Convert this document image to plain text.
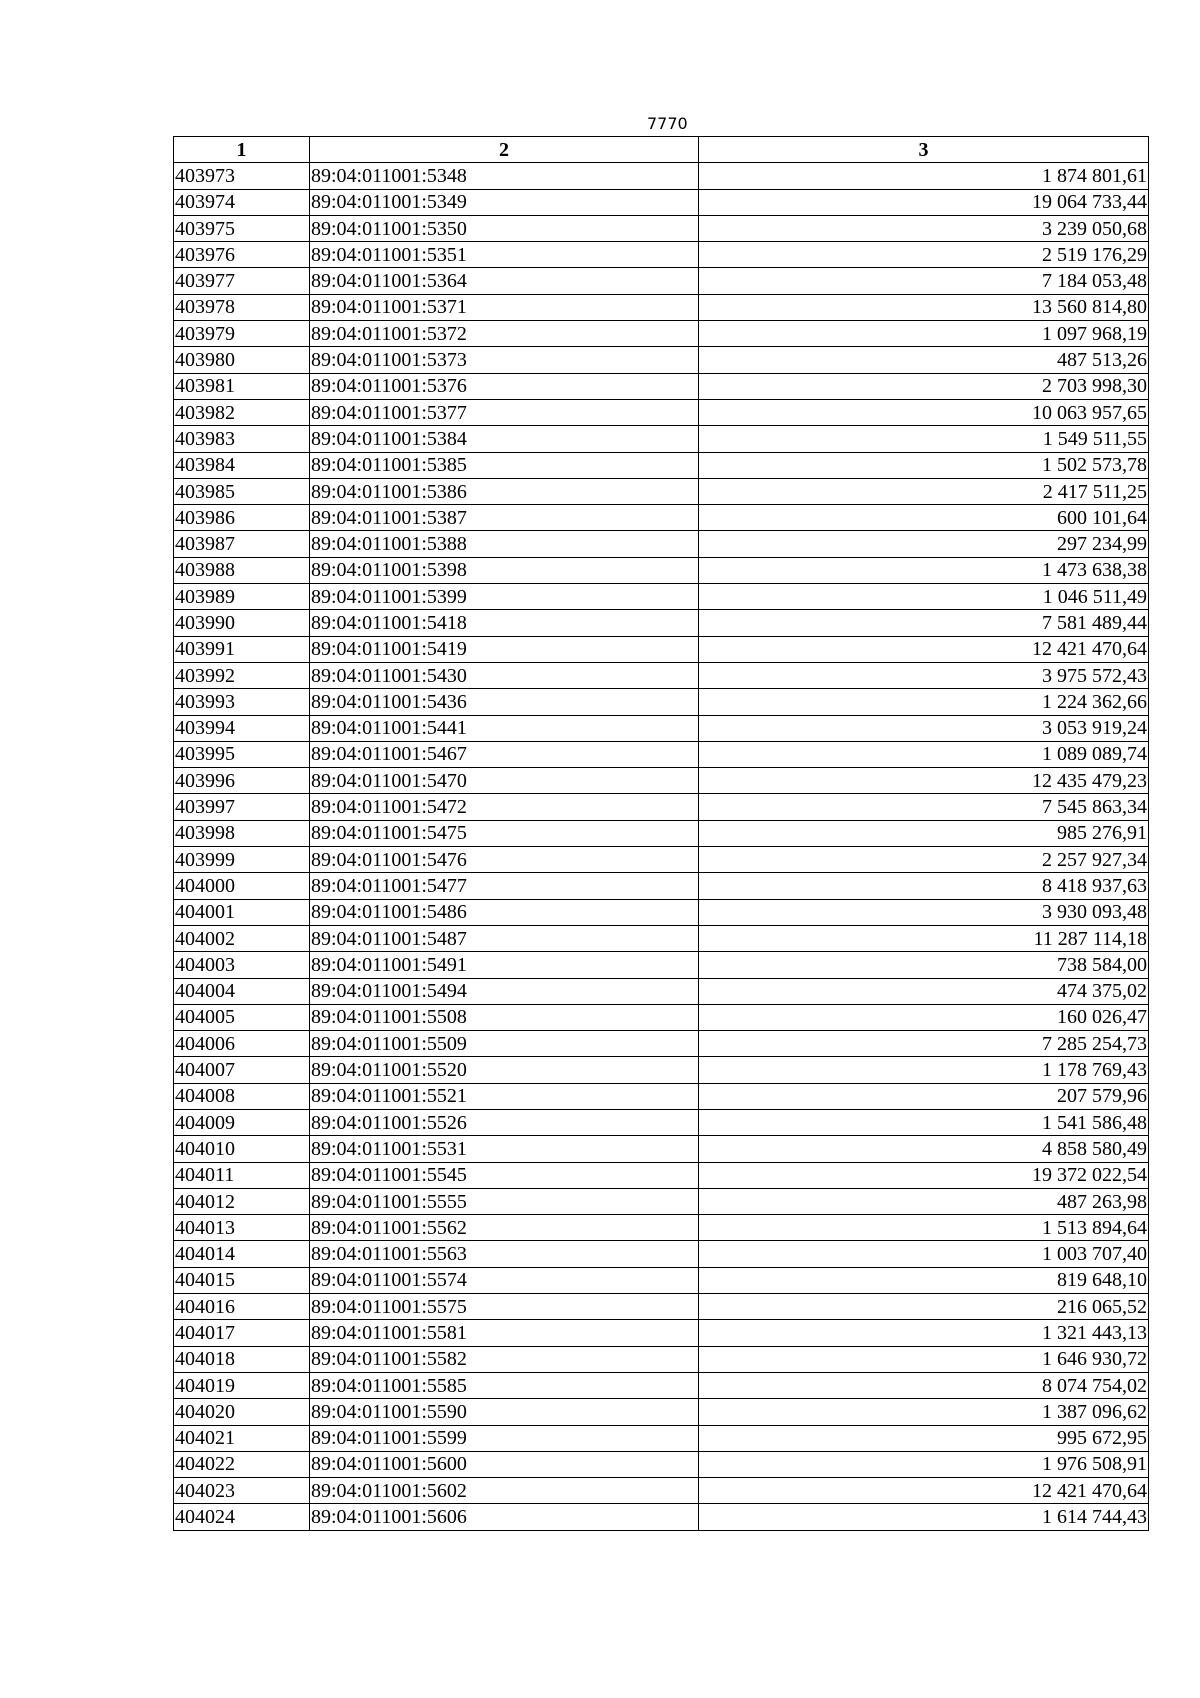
7770
1	2	3
403973	89:04:011001:5348	1 874 801,61
403974	89:04:011001:5349	19 064 733,44
403975	89:04:011001:5350	3 239 050,68
403976	89:04:011001:5351	2 519 176,29
403977	89:04:011001:5364	7 184 053,48
403978	89:04:011001:5371	13 560 814,80
403979	89:04:011001:5372	1 097 968,19
403980	89:04:011001:5373	487 513,26
403981	89:04:011001:5376	2 703 998,30
403982	89:04:011001:5377	10 063 957,65
403983	89:04:011001:5384	1 549 511,55
403984	89:04:011001:5385	1 502 573,78
403985	89:04:011001:5386	2 417 511,25
403986	89:04:011001:5387	600 101,64
403987	89:04:011001:5388	297 234,99
403988	89:04:011001:5398	1 473 638,38
403989	89:04:011001:5399	1 046 511,49
403990	89:04:011001:5418	7 581 489,44
403991	89:04:011001:5419	12 421 470,64
403992	89:04:011001:5430	3 975 572,43
403993	89:04:011001:5436	1 224 362,66
403994	89:04:011001:5441	3 053 919,24
403995	89:04:011001:5467	1 089 089,74
403996	89:04:011001:5470	12 435 479,23
403997	89:04:011001:5472	7 545 863,34
403998	89:04:011001:5475	985 276,91
403999	89:04:011001:5476	2 257 927,34
404000	89:04:011001:5477	8 418 937,63
404001	89:04:011001:5486	3 930 093,48
404002	89:04:011001:5487	11 287 114,18
404003	89:04:011001:5491	738 584,00
404004	89:04:011001:5494	474 375,02
404005	89:04:011001:5508	160 026,47
404006	89:04:011001:5509	7 285 254,73
404007	89:04:011001:5520	1 178 769,43
404008	89:04:011001:5521	207 579,96
404009	89:04:011001:5526	1 541 586,48
404010	89:04:011001:5531	4 858 580,49
404011	89:04:011001:5545	19 372 022,54
404012	89:04:011001:5555	487 263,98
404013	89:04:011001:5562	1 513 894,64
404014	89:04:011001:5563	1 003 707,40
404015	89:04:011001:5574	819 648,10
404016	89:04:011001:5575	216 065,52
404017	89:04:011001:5581	1 321 443,13
404018	89:04:011001:5582	1 646 930,72
404019	89:04:011001:5585	8 074 754,02
404020	89:04:011001:5590	1 387 096,62
404021	89:04:011001:5599	995 672,95
404022	89:04:011001:5600	1 976 508,91
404023	89:04:011001:5602	12 421 470,64
404024	89:04:011001:5606	1 614 744,43
